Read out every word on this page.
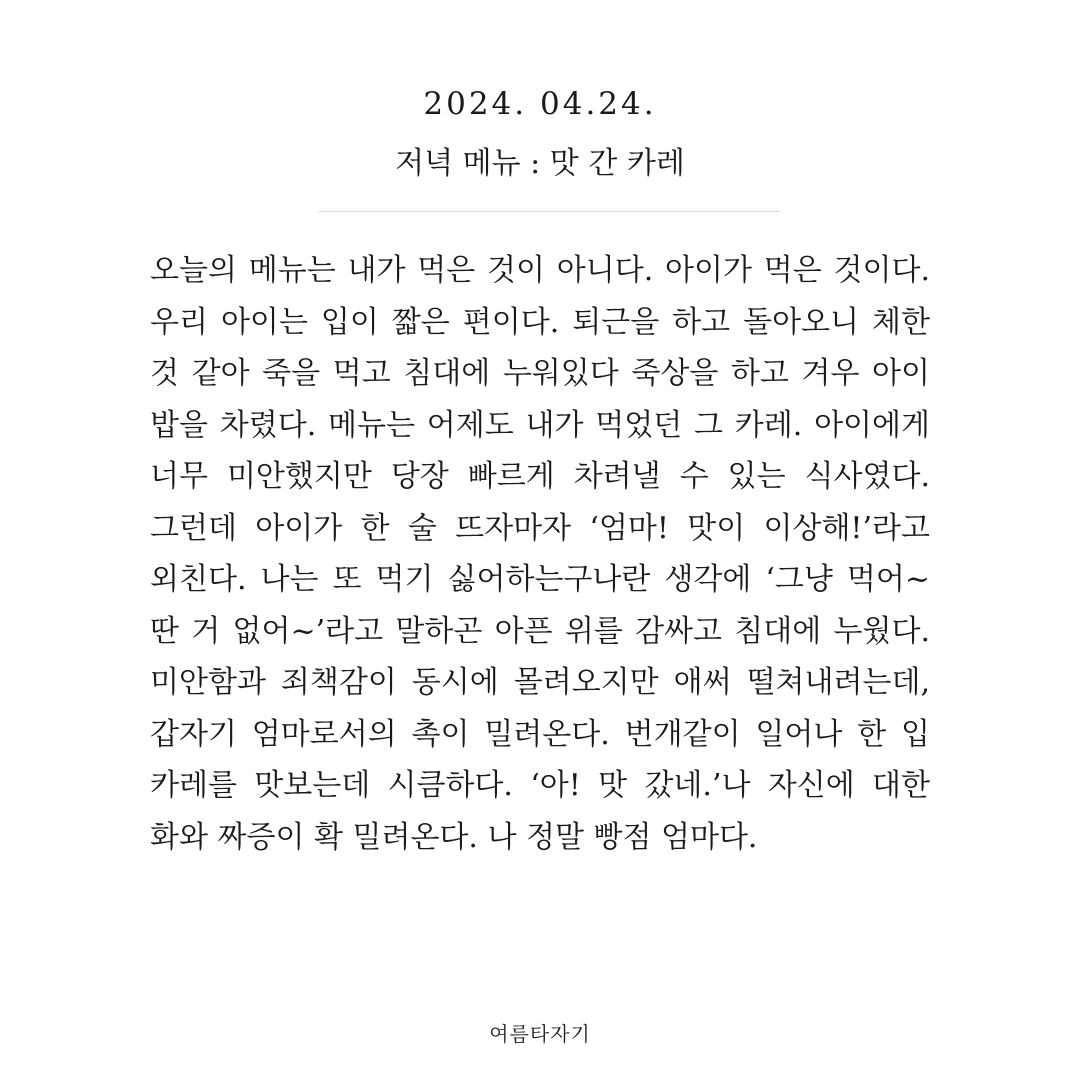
2024. 04.24.
저녁 메뉴 : 맛 간 카레

오늘의 메뉴는 내가 먹은 것이 아니다. 아이가 먹은 것이다. 우리 아이는 입이 짧은 편이다. 퇴근을 하고 돌아오니 체한 것 같아 죽을 먹고 침대에 누워있다 죽상을 하고 겨우 아이 밥을 차렸다. 메뉴는 어제도 내가 먹었던 그 카레. 아이에게 너무 미안했지만 당장 빠르게 차려낼 수 있는 식사였다. 그런데 아이가 한 술 뜨자마자 ‘엄마! 맛이 이상해!’라고 외친다. 나는 또 먹기 싫어하는구나란 생각에 ‘그냥 먹어~ 딴 거 없어~’라고 말하곤 아픈 위를 감싸고 침대에 누웠다. 미안함과 죄책감이 동시에 몰려오지만 애써 떨쳐내려는데, 갑자기 엄마로서의 촉이 밀려온다. 번개같이 일어나 한 입 카레를 맛보는데 시큼하다. ‘아! 맛 갔네.’나 자신에 대한 화와 짜증이 확 밀려온다. 나 정말 빵점 엄마다.

여름타자기
